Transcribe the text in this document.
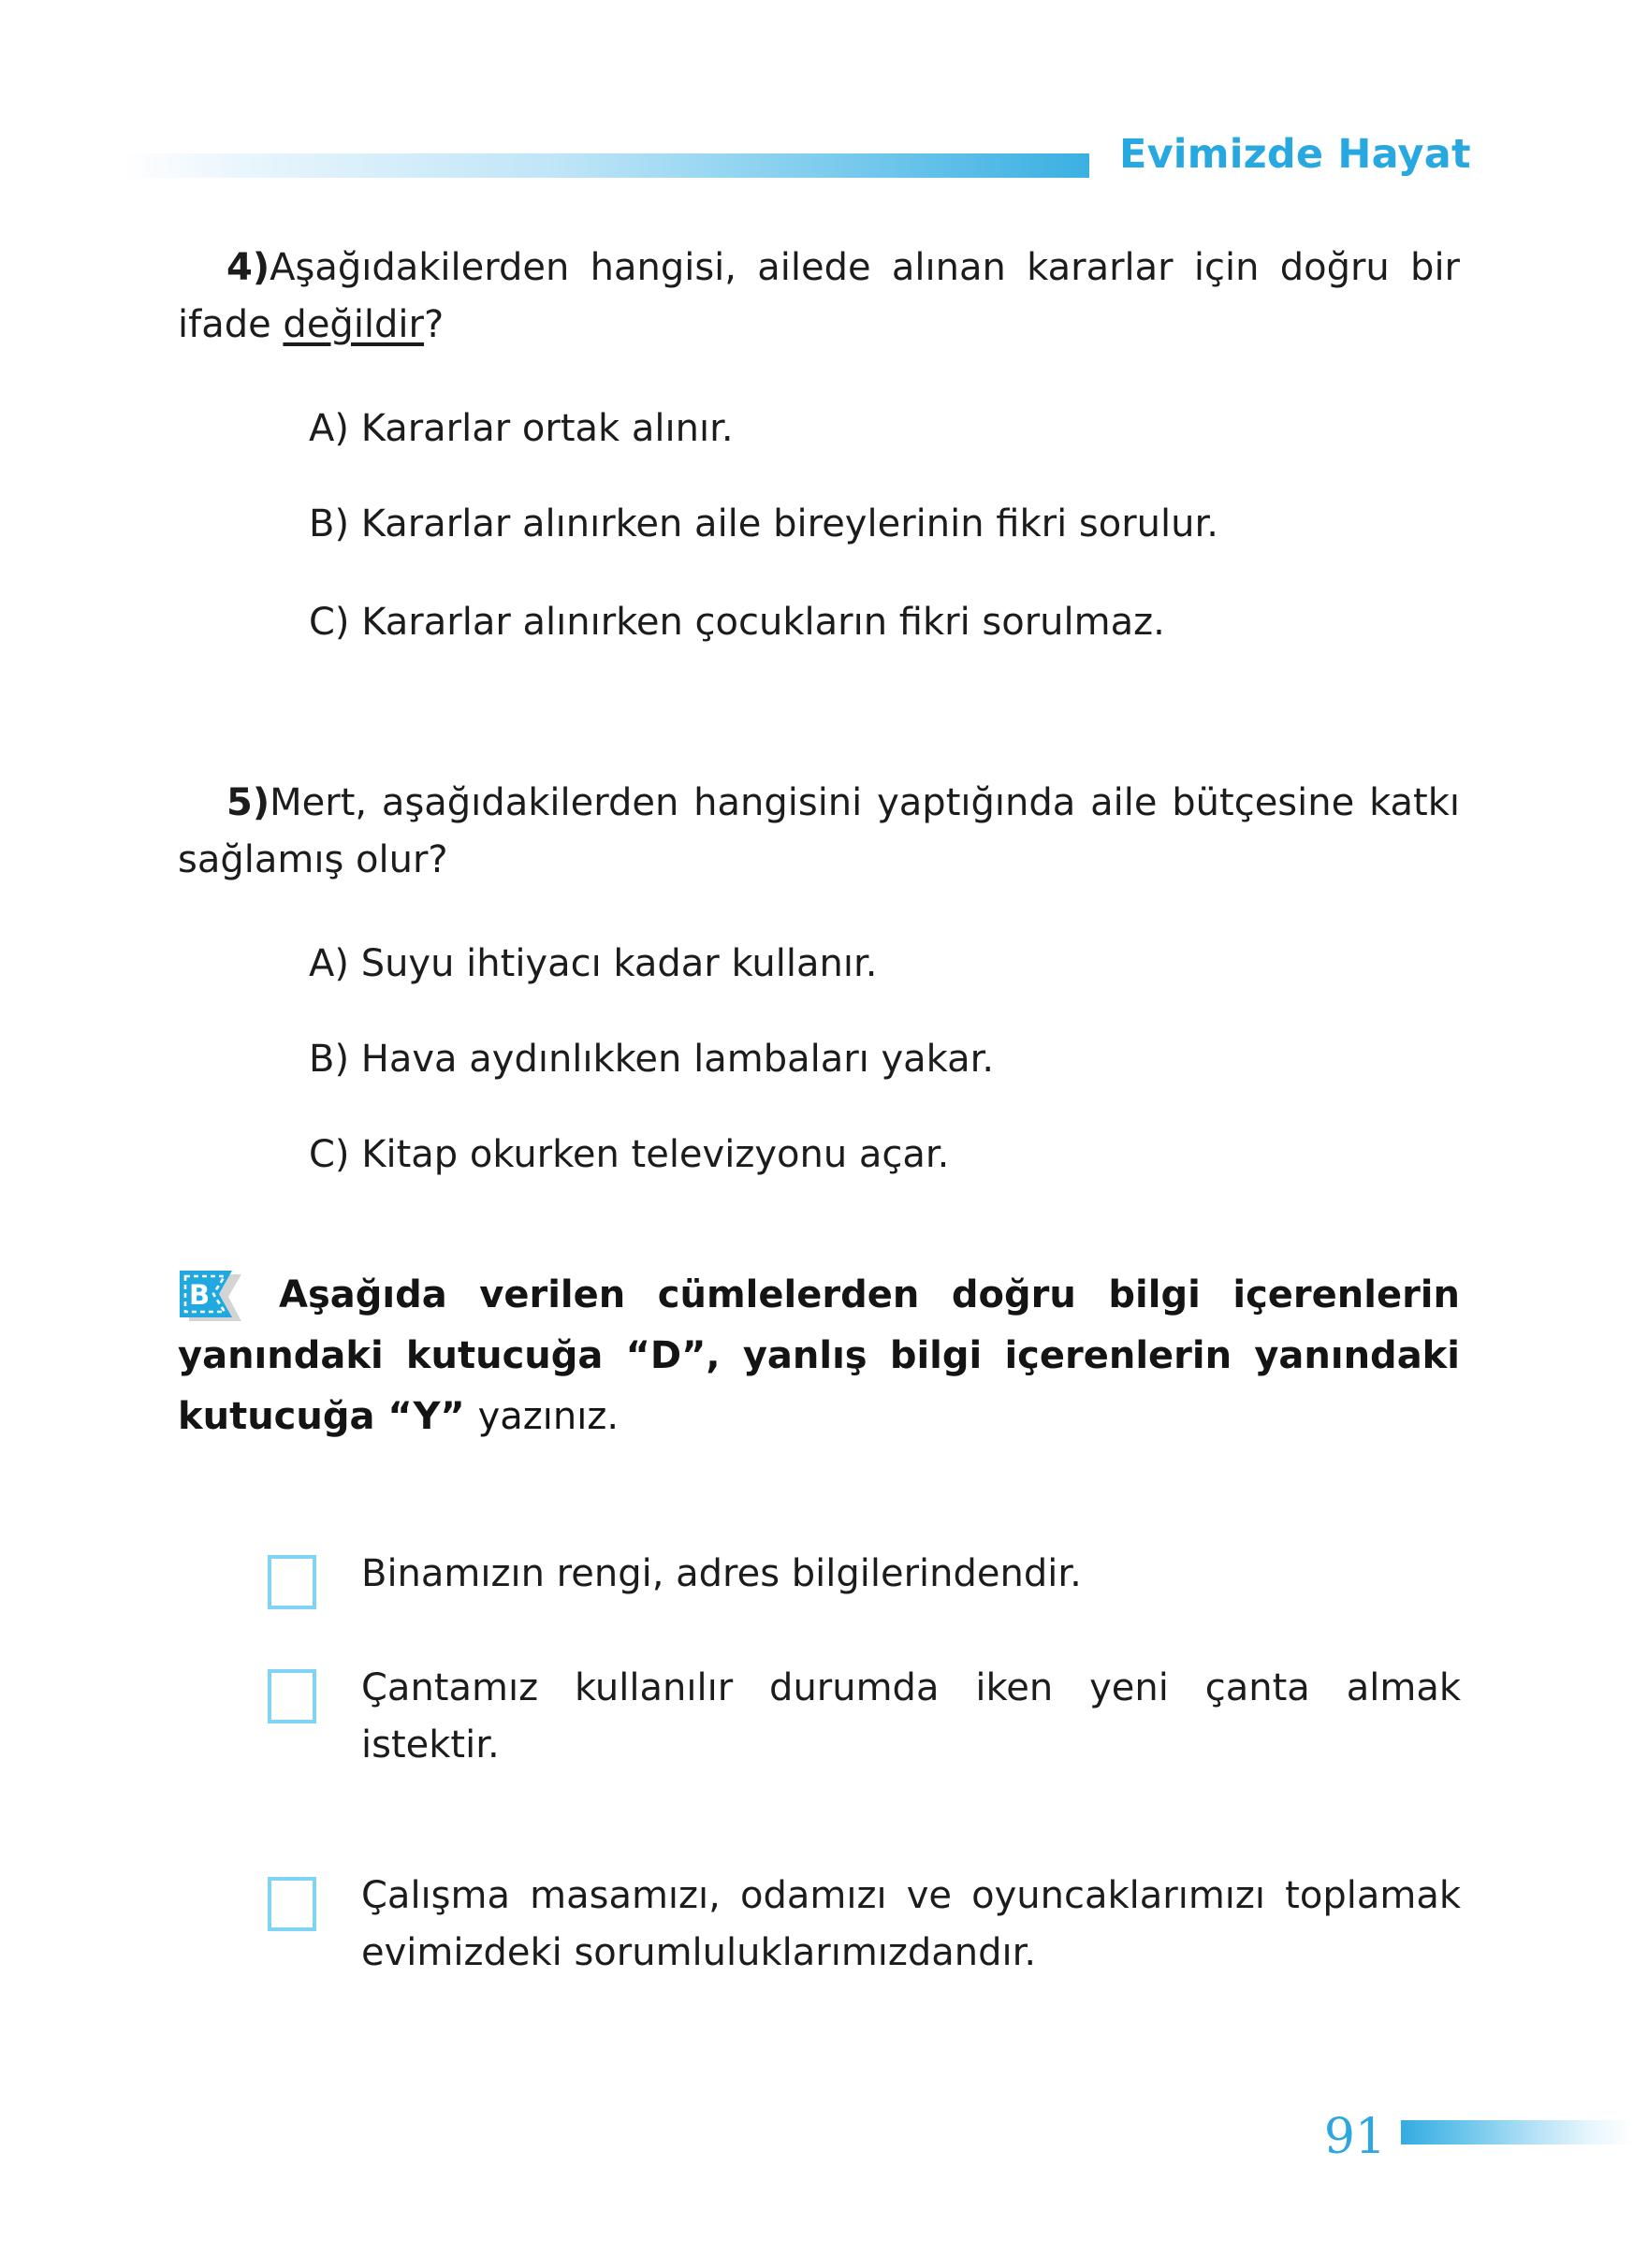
Evimizde Hayat
4)Aşağıdakilerden hangisi, ailede alınan kararlar için doğru bir ifade değildir?
A) Kararlar ortak alınır.
B) Kararlar alınırken aile bireylerinin fikri sorulur.
C) Kararlar alınırken çocukların fikri sorulmaz.
5)Mert, aşağıdakilerden hangisini yaptığında aile bütçesine katkı sağlamış olur?
A) Suyu ihtiyacı kadar kullanır.
B) Hava aydınlıkken lambaları yakar.
C) Kitap okurken televizyonu açar.
B	Aşağıda verilen cümlelerden doğru bilgi içerenlerin yanındaki kutucuğa “D”, yanlış bilgi içerenlerin yanındaki kutucuğa “Y” yazınız.
Binamızın rengi, adres bilgilerindendir.
Çantamız kullanılır durumda iken yeni çanta almak istektir.
Çalışma masamızı, odamızı ve oyuncaklarımızı toplamak evimizdeki sorumluluklarımızdandır.
91
